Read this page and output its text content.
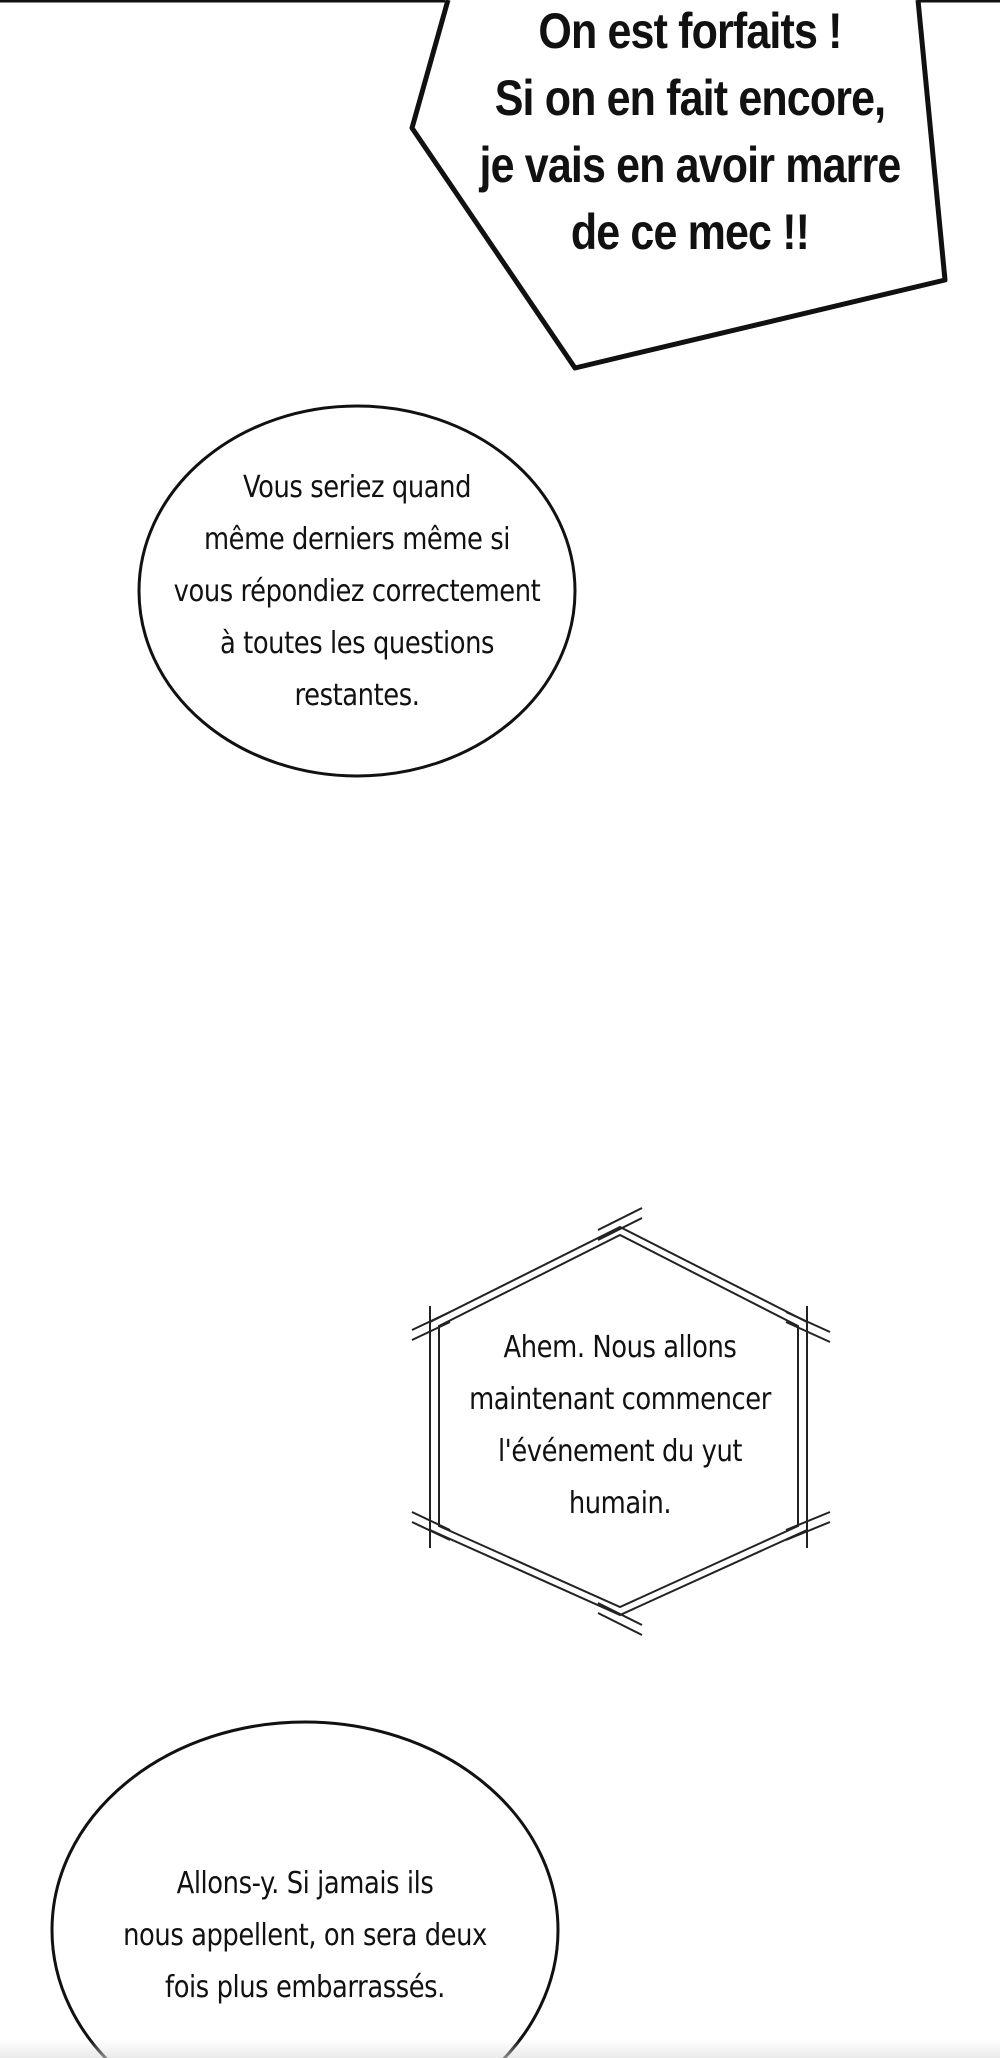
On est forfaits !
Si on en fait encore,
je vais en avoir marre
de ce mec !!
Vous seriez quand
même derniers même si
vous répondiez correctement
à toutes les questions
restantes.
Ahem. Nous allons
maintenant commencer
l'événement du yut
humain.
Allons-y. Si jamais ils
nous appellent, on sera deux
fois plus embarrassés.
